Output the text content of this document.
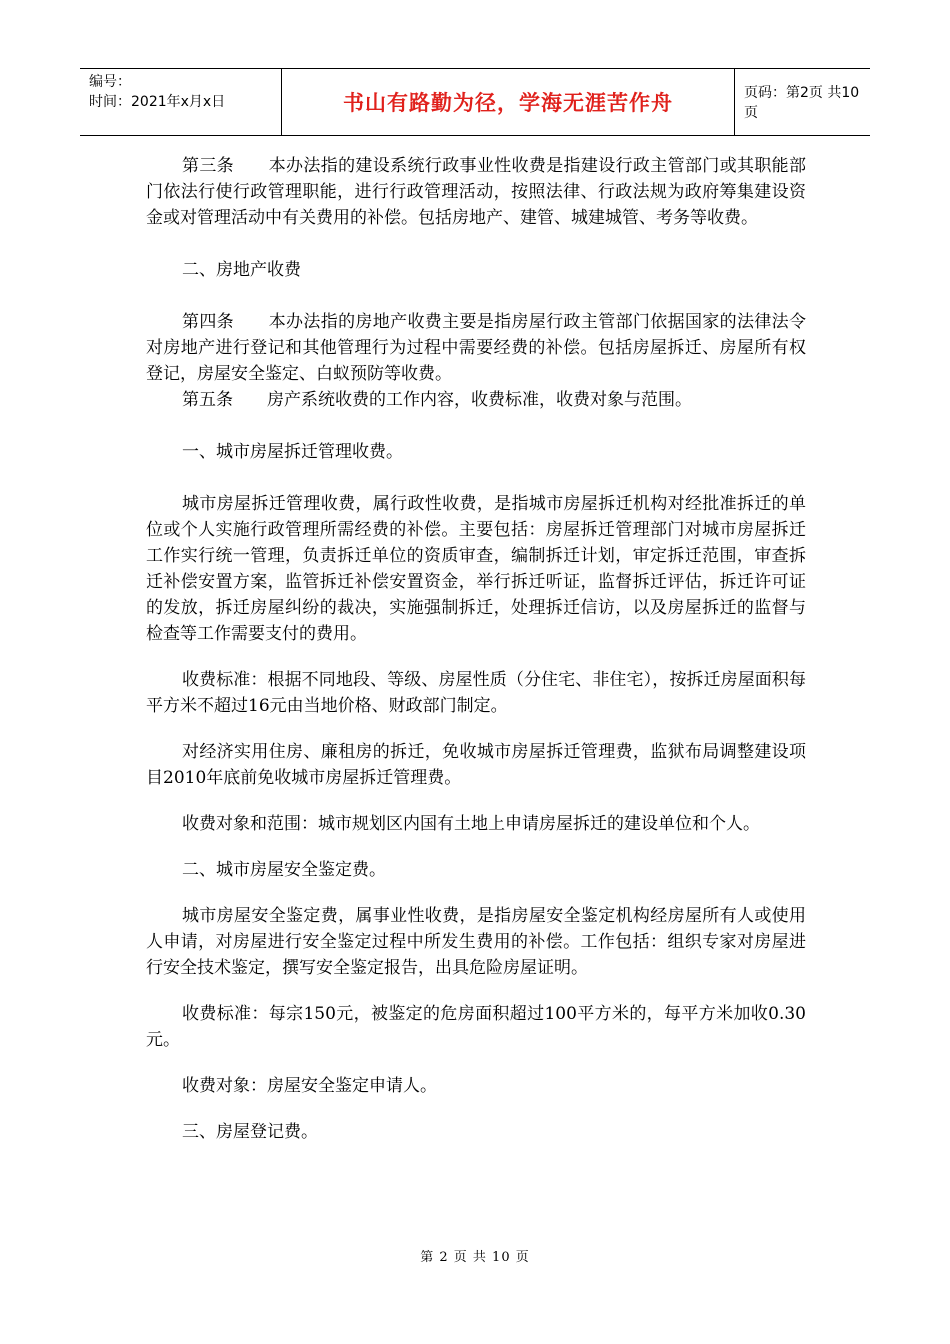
编号：
时间：2021年x月x日	书山有路勤为径，学海无涯苦作舟	页码：第2页 共10页

第三条　　本办法指的建设系统行政事业性收费是指建设行政主管部门或其职能部门依法行使行政管理职能，进行行政管理活动，按照法律、行政法规为政府筹集建设资金或对管理活动中有关费用的补偿。包括房地产、建管、城建城管、考务等收费。

二、房地产收费

第四条　　本办法指的房地产收费主要是指房屋行政主管部门依据国家的法律法令对房地产进行登记和其他管理行为过程中需要经费的补偿。包括房屋拆迁、房屋所有权登记，房屋安全鉴定、白蚁预防等收费。

第五条　　房产系统收费的工作内容，收费标准，收费对象与范围。

一、城市房屋拆迁管理收费。

城市房屋拆迁管理收费，属行政性收费，是指城市房屋拆迁机构对经批准拆迁的单位或个人实施行政管理所需经费的补偿。主要包括：房屋拆迁管理部门对城市房屋拆迁工作实行统一管理，负责拆迁单位的资质审查，编制拆迁计划，审定拆迁范围，审查拆迁补偿安置方案，监管拆迁补偿安置资金，举行拆迁听证，监督拆迁评估，拆迁许可证的发放，拆迁房屋纠纷的裁决，实施强制拆迁，处理拆迁信访，以及房屋拆迁的监督与检查等工作需要支付的费用。

收费标准：根据不同地段、等级、房屋性质（分住宅、非住宅），按拆迁房屋面积每平方米不超过16元由当地价格、财政部门制定。

对经济实用住房、廉租房的拆迁，免收城市房屋拆迁管理费，监狱布局调整建设项目2010年底前免收城市房屋拆迁管理费。

收费对象和范围：城市规划区内国有土地上申请房屋拆迁的建设单位和个人。

二、城市房屋安全鉴定费。

城市房屋安全鉴定费，属事业性收费，是指房屋安全鉴定机构经房屋所有人或使用人申请，对房屋进行安全鉴定过程中所发生费用的补偿。工作包括：组织专家对房屋进行安全技术鉴定，撰写安全鉴定报告，出具危险房屋证明。

收费标准：每宗150元，被鉴定的危房面积超过100平方米的，每平方米加收0.30元。

收费对象：房屋安全鉴定申请人。

三、房屋登记费。

第 2 页 共 10 页
